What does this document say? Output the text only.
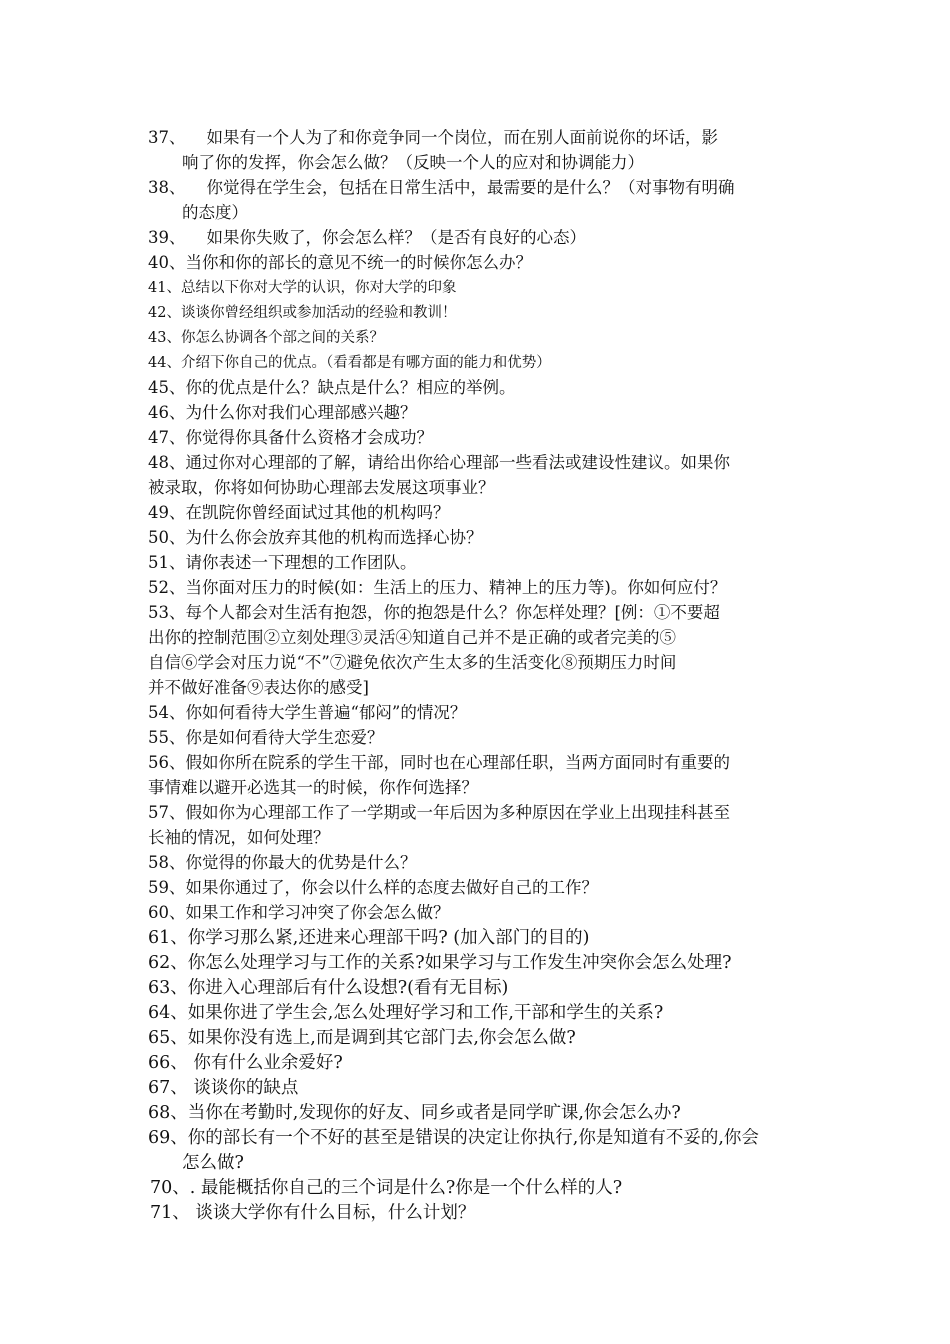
37、    如果有一个人为了和你竞争同一个岗位，而在别人面前说你的坏话，影
响了你的发挥，你会怎么做？（反映一个人的应对和协调能力）
38、    你觉得在学生会，包括在日常生活中，最需要的是什么？（对事物有明确
的态度）
39、    如果你失败了，你会怎么样？（是否有良好的心态）
40、当你和你的部长的意见不统一的时候你怎么办？
41、总结以下你对大学的认识，你对大学的印象
42、谈谈你曾经组织或参加活动的经验和教训！
43、你怎么协调各个部之间的关系？
44、介绍下你自己的优点。（看看都是有哪方面的能力和优势）
45、你的优点是什么？缺点是什么？相应的举例。
46、为什么你对我们心理部感兴趣？
47、你觉得你具备什么资格才会成功？
48、通过你对心理部的了解，请给出你给心理部一些看法或建设性建议。如果你
被录取，你将如何协助心理部去发展这项事业？
49、在凯院你曾经面试过其他的机构吗？
50、为什么你会放弃其他的机构而选择心协？
51、请你表述一下理想的工作团队。
52、当你面对压力的时候(如：生活上的压力、精神上的压力等)。你如何应付？
53、每个人都会对生活有抱怨，你的抱怨是什么？你怎样处理？[例：①不要超
出你的控制范围②立刻处理③灵活④知道自己并不是正确的或者完美的⑤
自信⑥学会对压力说“不”⑦避免依次产生太多的生活变化⑧预期压力时间
并不做好准备⑨表达你的感受]
54、你如何看待大学生普遍“郁闷”的情况？
55、你是如何看待大学生恋爱？
56、假如你所在院系的学生干部，同时也在心理部任职，当两方面同时有重要的
事情难以避开必选其一的时候，你作何选择？
57、假如你为心理部工作了一学期或一年后因为多种原因在学业上出现挂科甚至
长袖的情况，如何处理？
58、你觉得的你最大的优势是什么？
59、如果你通过了，你会以什么样的态度去做好自己的工作？
60、如果工作和学习冲突了你会怎么做？
61、你学习那么紧,还进来心理部干吗? (加入部门的目的)
62、你怎么处理学习与工作的关系?如果学习与工作发生冲突你会怎么处理?
63、你进入心理部后有什么设想?(看有无目标)
64、如果你进了学生会,怎么处理好学习和工作,干部和学生的关系?
65、如果你没有选上,而是调到其它部门去,你会怎么做?
66、 你有什么业余爱好?
67、 谈谈你的缺点
68、当你在考勤时,发现你的好友、同乡或者是同学旷课,你会怎么办?
69、你的部长有一个不好的甚至是错误的决定让你执行,你是知道有不妥的,你会
怎么做?
70、. 最能概括你自己的三个词是什么?你是一个什么样的人?
71、 谈谈大学你有什么目标，什么计划？
